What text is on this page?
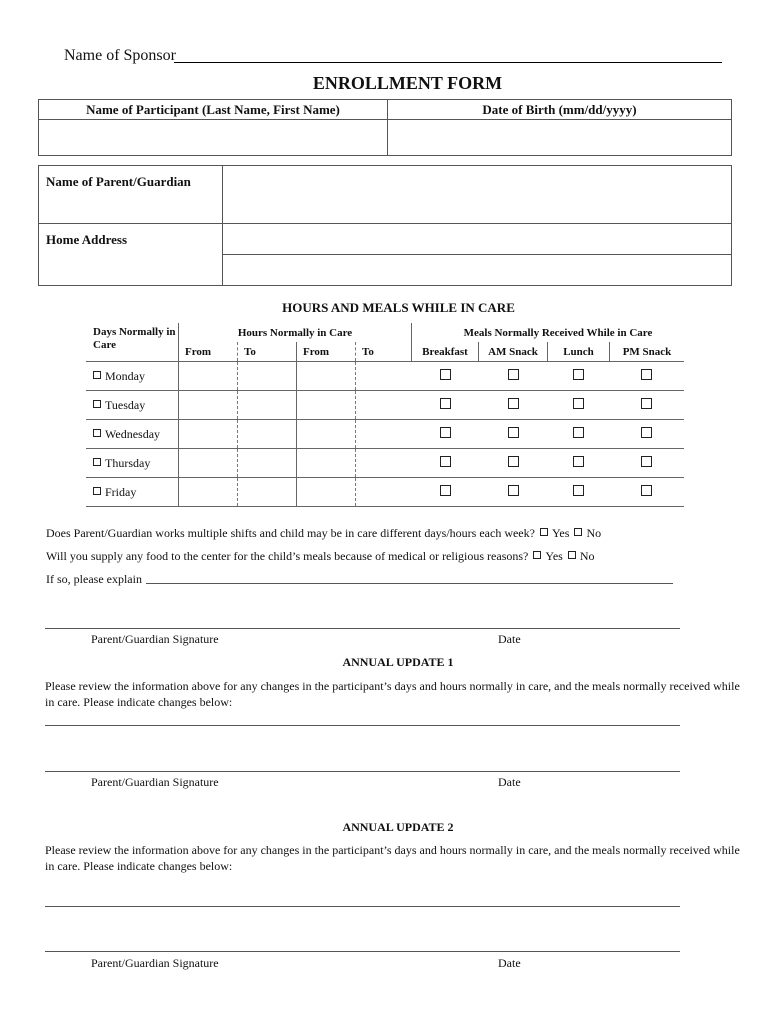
Name of Sponsor
ENROLLMENT FORM
Name of Participant (Last Name, First Name)	Date of Birth (mm/dd/yyyy)

Name of Parent/Guardian	
Home Address	

HOURS AND MEALS WHILE IN CARE
Days Normally in Care	Hours Normally in Care				Meals Normally Received While in Care			
	From	To	From	To	Breakfast	AM Snack	Lunch	PM Snack
Monday								
Tuesday								
Wednesday								
Thursday								
Friday								
Does Parent/Guardian works multiple shifts and child may be in care different days/hours each week? Yes No
Will you supply any food to the center for the child’s meals because of medical or religious reasons? Yes No
If so, please explain
Parent/Guardian Signature	Date
ANNUAL UPDATE 1
Please review the information above for any changes in the participant’s days and hours normally in care, and the meals normally received while in care. Please indicate changes below:
Parent/Guardian Signature	Date
ANNUAL UPDATE 2
Please review the information above for any changes in the participant’s days and hours normally in care, and the meals normally received while in care. Please indicate changes below:
Parent/Guardian Signature	Date
